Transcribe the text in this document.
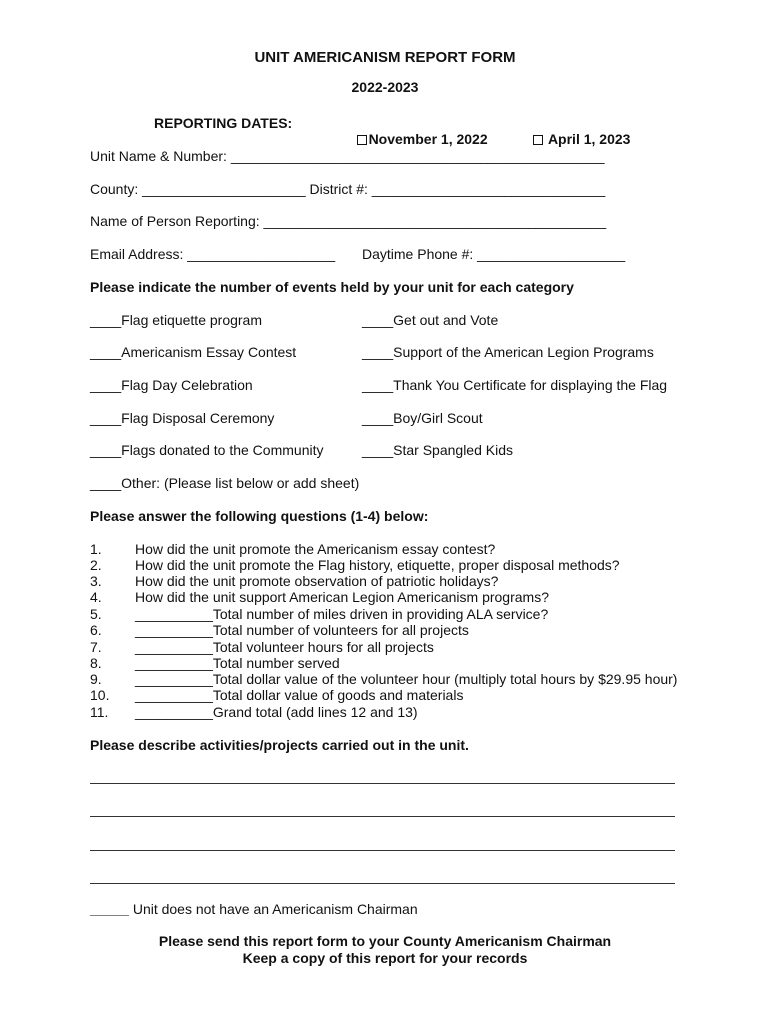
UNIT AMERICANISM REPORT FORM
2022-2023
REPORTING DATES:

November 1, 2022
	April 1, 2023

Unit Name & Number: ________________________________________________
County: _____________________ District #: ______________________________
Name of Person Reporting: ____________________________________________
Email Address: ___________________ Daytime Phone #: ___________________
Please indicate the number of events held by your unit for each category
____Flag etiquette program
____Americanism Essay Contest
____Flag Day Celebration
____Flag Disposal Ceremony
____Flags donated to the Community
____Other: (Please list below or add sheet)
____Get out and Vote
____Support of the American Legion Programs
____Thank You Certificate for displaying the Flag
____Boy/Girl Scout
____Star Spangled Kids
Please answer the following questions (1-4) below:
1. How did the unit promote the Americanism essay contest?
2. How did the unit promote the Flag history, etiquette, proper disposal methods?
3. How did the unit promote observation of patriotic holidays?
4. How did the unit support American Legion Americanism programs?
5. __________Total number of miles driven in providing ALA service?
6. __________Total number of volunteers for all projects
7. __________Total volunteer hours for all projects
8. __________Total number served
9. __________Total dollar value of the volunteer hour (multiply total hours by $29.95 hour)
10. __________Total dollar value of goods and materials
11. __________Grand total (add lines 12 and 13)
Please describe activities/projects carried out in the unit.
_____ Unit does not have an Americanism Chairman
Please send this report form to your County Americanism Chairman
Keep a copy of this report for your records
